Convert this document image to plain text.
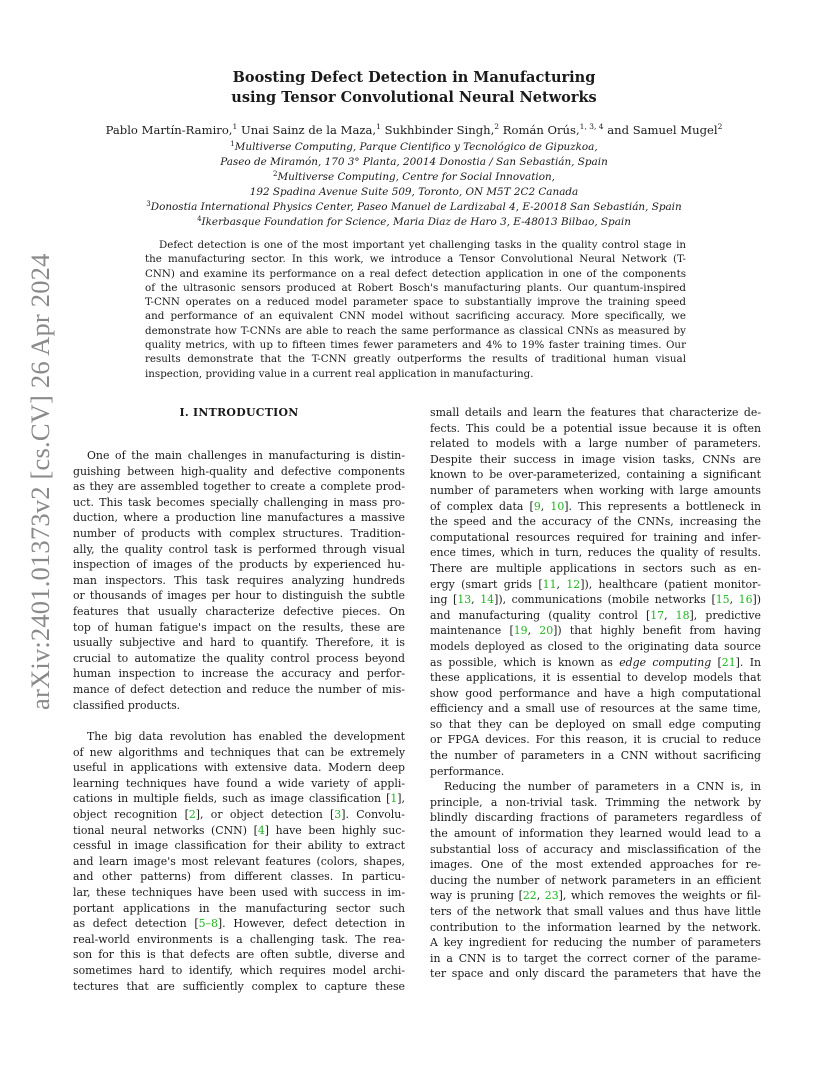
arXiv:2401.01373v2 [cs.CV] 26 Apr 2024
Boosting Defect Detection in Manufacturing
using Tensor Convolutional Neural Networks
Pablo Martín-Ramiro,$^1$ Unai Sainz de la Maza,$^1$ Sukhbinder Singh,$^2$ Román Orús,$^{1, 3, 4}$ and Samuel Mugel$^2$
$^1$Multiverse Computing, Parque Cientifico y Tecnológico de Gipuzkoa,
Paseo de Miramón, 170 3° Planta, 20014 Donostia / San Sebastián, Spain
$^2$Multiverse Computing, Centre for Social Innovation,
192 Spadina Avenue Suite 509, Toronto, ON M5T 2C2 Canada
$^3$Donostia International Physics Center, Paseo Manuel de Lardizabal 4, E-20018 San Sebastián, Spain
$^4$Ikerbasque Foundation for Science, Maria Diaz de Haro 3, E-48013 Bilbao, Spain
Defect detection is one of the most important yet challenging tasks in the quality control stage in
the manufacturing sector. In this work, we introduce a Tensor Convolutional Neural Network (T-
CNN) and examine its performance on a real defect detection application in one of the components
of the ultrasonic sensors produced at Robert Bosch's manufacturing plants. Our quantum-inspired
T-CNN operates on a reduced model parameter space to substantially improve the training speed
and performance of an equivalent CNN model without sacrificing accuracy. More specifically, we
demonstrate how T-CNNs are able to reach the same performance as classical CNNs as measured by
quality metrics, with up to fifteen times fewer parameters and 4% to 19% faster training times. Our
results demonstrate that the T-CNN greatly outperforms the results of traditional human visual
inspection, providing value in a current real application in manufacturing.
I. INTRODUCTION
One of the main challenges in manufacturing is distin-
guishing between high-quality and defective components
as they are assembled together to create a complete prod-
uct. This task becomes specially challenging in mass pro-
duction, where a production line manufactures a massive
number of products with complex structures. Tradition-
ally, the quality control task is performed through visual
inspection of images of the products by experienced hu-
man inspectors. This task requires analyzing hundreds
or thousands of images per hour to distinguish the subtle
features that usually characterize defective pieces. On
top of human fatigue's impact on the results, these are
usually subjective and hard to quantify. Therefore, it is
crucial to automatize the quality control process beyond
human inspection to increase the accuracy and perfor-
mance of defect detection and reduce the number of mis-
classified products.
The big data revolution has enabled the development
of new algorithms and techniques that can be extremely
useful in applications with extensive data. Modern deep
learning techniques have found a wide variety of appli-
cations in multiple fields, such as image classification [1],
object recognition [2], or object detection [3]. Convolu-
tional neural networks (CNN) [4] have been highly suc-
cessful in image classification for their ability to extract
and learn image's most relevant features (colors, shapes,
and other patterns) from different classes. In particu-
lar, these techniques have been used with success in im-
portant applications in the manufacturing sector such
as defect detection [5–8]. However, defect detection in
real-world environments is a challenging task. The rea-
son for this is that defects are often subtle, diverse and
sometimes hard to identify, which requires model archi-
tectures that are sufficiently complex to capture these
small details and learn the features that characterize de-
fects. This could be a potential issue because it is often
related to models with a large number of parameters.
Despite their success in image vision tasks, CNNs are
known to be over-parameterized, containing a significant
number of parameters when working with large amounts
of complex data [9, 10]. This represents a bottleneck in
the speed and the accuracy of the CNNs, increasing the
computational resources required for training and infer-
ence times, which in turn, reduces the quality of results.
There are multiple applications in sectors such as en-
ergy (smart grids [11, 12]), healthcare (patient monitor-
ing [13, 14]), communications (mobile networks [15, 16])
and manufacturing (quality control [17, 18], predictive
maintenance [19, 20]) that highly benefit from having
models deployed as closed to the originating data source
as possible, which is known as edge computing [21]. In
these applications, it is essential to develop models that
show good performance and have a high computational
efficiency and a small use of resources at the same time,
so that they can be deployed on small edge computing
or FPGA devices. For this reason, it is crucial to reduce
the number of parameters in a CNN without sacrificing
performance.
Reducing the number of parameters in a CNN is, in
principle, a non-trivial task. Trimming the network by
blindly discarding fractions of parameters regardless of
the amount of information they learned would lead to a
substantial loss of accuracy and misclassification of the
images. One of the most extended approaches for re-
ducing the number of network parameters in an efficient
way is pruning [22, 23], which removes the weights or fil-
ters of the network that small values and thus have little
contribution to the information learned by the network.
A key ingredient for reducing the number of parameters
in a CNN is to target the correct corner of the parame-
ter space and only discard the parameters that have the
